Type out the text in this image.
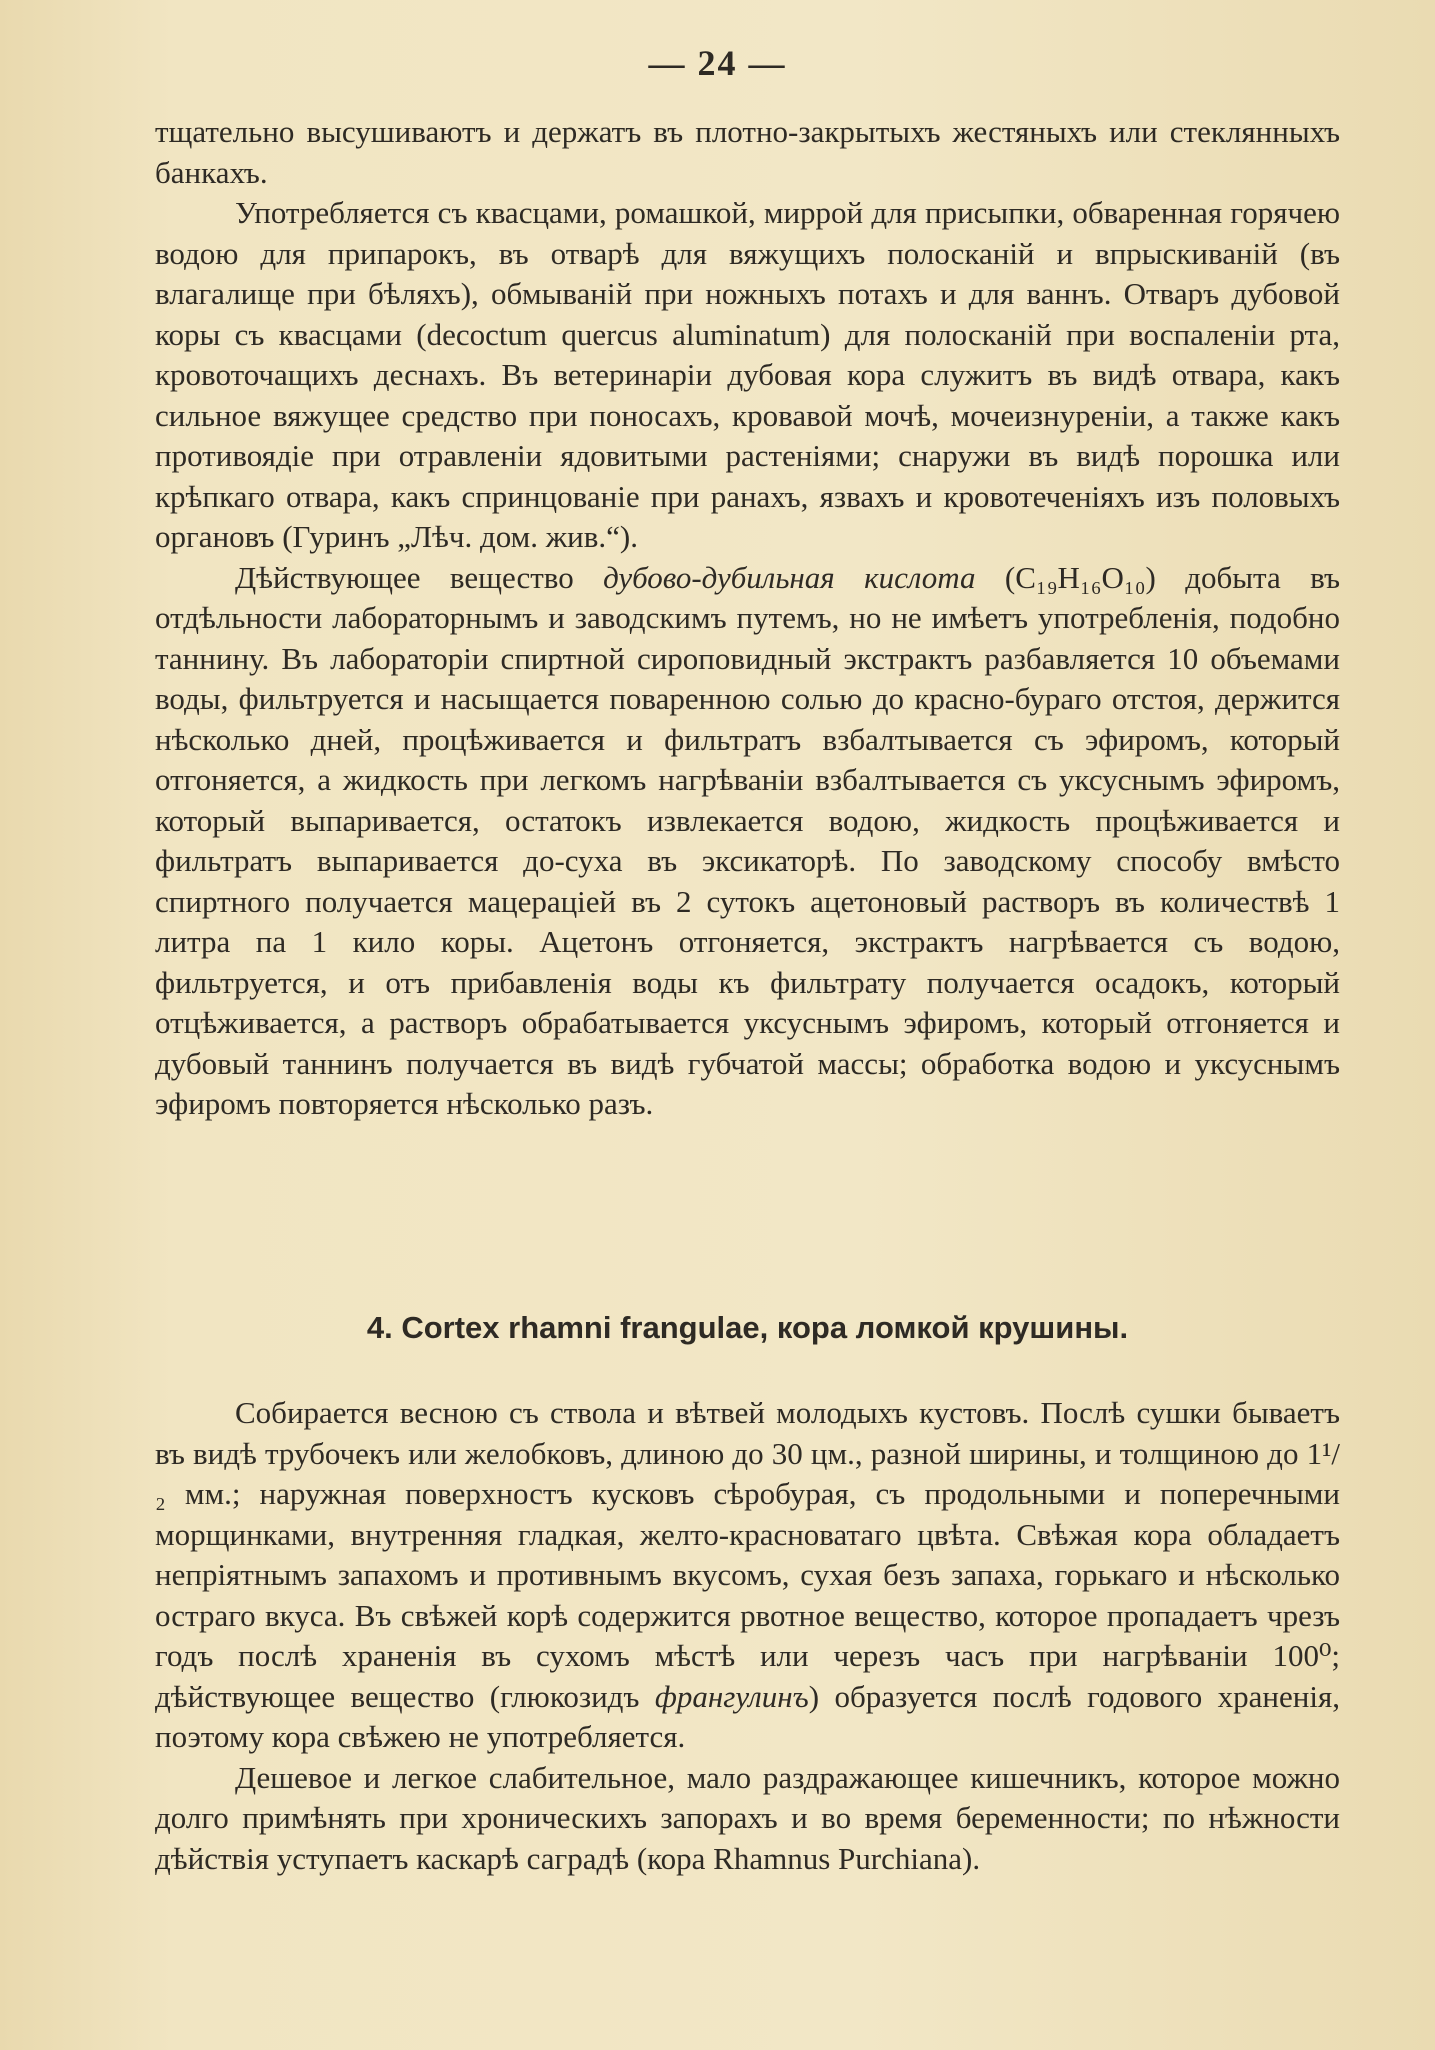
— 24 —

тщательно высушиваютъ и держатъ въ плотно-закрытыхъ жестяныхъ или стеклянныхъ банкахъ.

Употребляется съ квасцами, ромашкой, миррой для присыпки, обваренная горячею водою для припарокъ, въ отварѣ для вяжущихъ полосканій и впрыскиваній (въ влагалище при бѣляхъ), обмываній при ножныхъ потахъ и для ваннъ. Отваръ дубовой коры съ квасцами (decoctum quercus aluminatum) для полосканій при воспаленіи рта, кровоточащихъ деснахъ. Въ ветеринаріи дубовая кора служитъ въ видѣ отвара, какъ сильное вяжущее средство при поносахъ, кровавой мочѣ, мочеизнуреніи, а также какъ противоядіе при отравленіи ядовитыми растеніями; снаружи въ видѣ порошка или крѣпкаго отвара, какъ спринцованіе при ранахъ, язвахъ и кровотеченіяхъ изъ половыхъ органовъ (Гуринъ „Лѣч. дом. жив.“).

Дѣйствующее вещество дубово-дубильная кислота (C₁₉H₁₆O₁₀) добыта въ отдѣльности лабораторнымъ и заводскимъ путемъ, но не имѣетъ употребленія, подобно таннину. Въ лабораторіи спиртной сироповидный экстрактъ разбавляется 10 объемами воды, фильтруется и насыщается поваренною солью до красно-бураго отстоя, держится нѣсколько дней, процѣживается и фильтратъ взбалтывается съ эфиромъ, который отгоняется, а жидкость при легкомъ нагрѣваніи взбалтывается съ уксуснымъ эфиромъ, который выпаривается, остатокъ извлекается водою, жидкость процѣживается и фильтратъ выпаривается до-суха въ эксикаторѣ. По заводскому способу вмѣсто спиртного получается мацераціей въ 2 сутокъ ацетоновый растворъ въ количествѣ 1 литра па 1 кило коры. Ацетонъ отгоняется, экстрактъ нагрѣвается съ водою, фильтруется, и отъ прибавленія воды къ фильтрату получается осадокъ, который отцѣживается, а растворъ обрабатывается уксуснымъ эфиромъ, который отгоняется и дубовый таннинъ получается въ видѣ губчатой массы; обработка водою и уксуснымъ эфиромъ повторяется нѣсколько разъ.

4. Cortex rhamni frangulae, кора ломкой крушины.

Собирается весною съ ствола и вѣтвей молодыхъ кустовъ. Послѣ сушки бываетъ въ видѣ трубочекъ или желобковъ, длиною до 30 цм., разной ширины, и толщиною до 1¹/₂ мм.; наружная поверхностъ кусковъ сѣробурая, съ продольными и поперечными морщинками, внутренняя гладкая, желто-красноватаго цвѣта. Свѣжая кора обладаетъ непріятнымъ запахомъ и противнымъ вкусомъ, сухая безъ запаха, горькаго и нѣсколько остраго вкуса. Въ свѣжей корѣ содержится рвотное вещество, которое пропадаетъ чрезъ годъ послѣ храненія въ сухомъ мѣстѣ или черезъ часъ при нагрѣваніи 100⁰; дѣйствующее вещество (глюкозидъ франгулинъ) образуется послѣ годового храненія, поэтому кора свѣжею не употребляется.

Дешевое и легкое слабительное, мало раздражающее кишечникъ, которое можно долго примѣнять при хроническихъ запорахъ и во время беременности; по нѣжности дѣйствія уступаетъ каскарѣ саградѣ (кора Rhamnus Purchiana).
